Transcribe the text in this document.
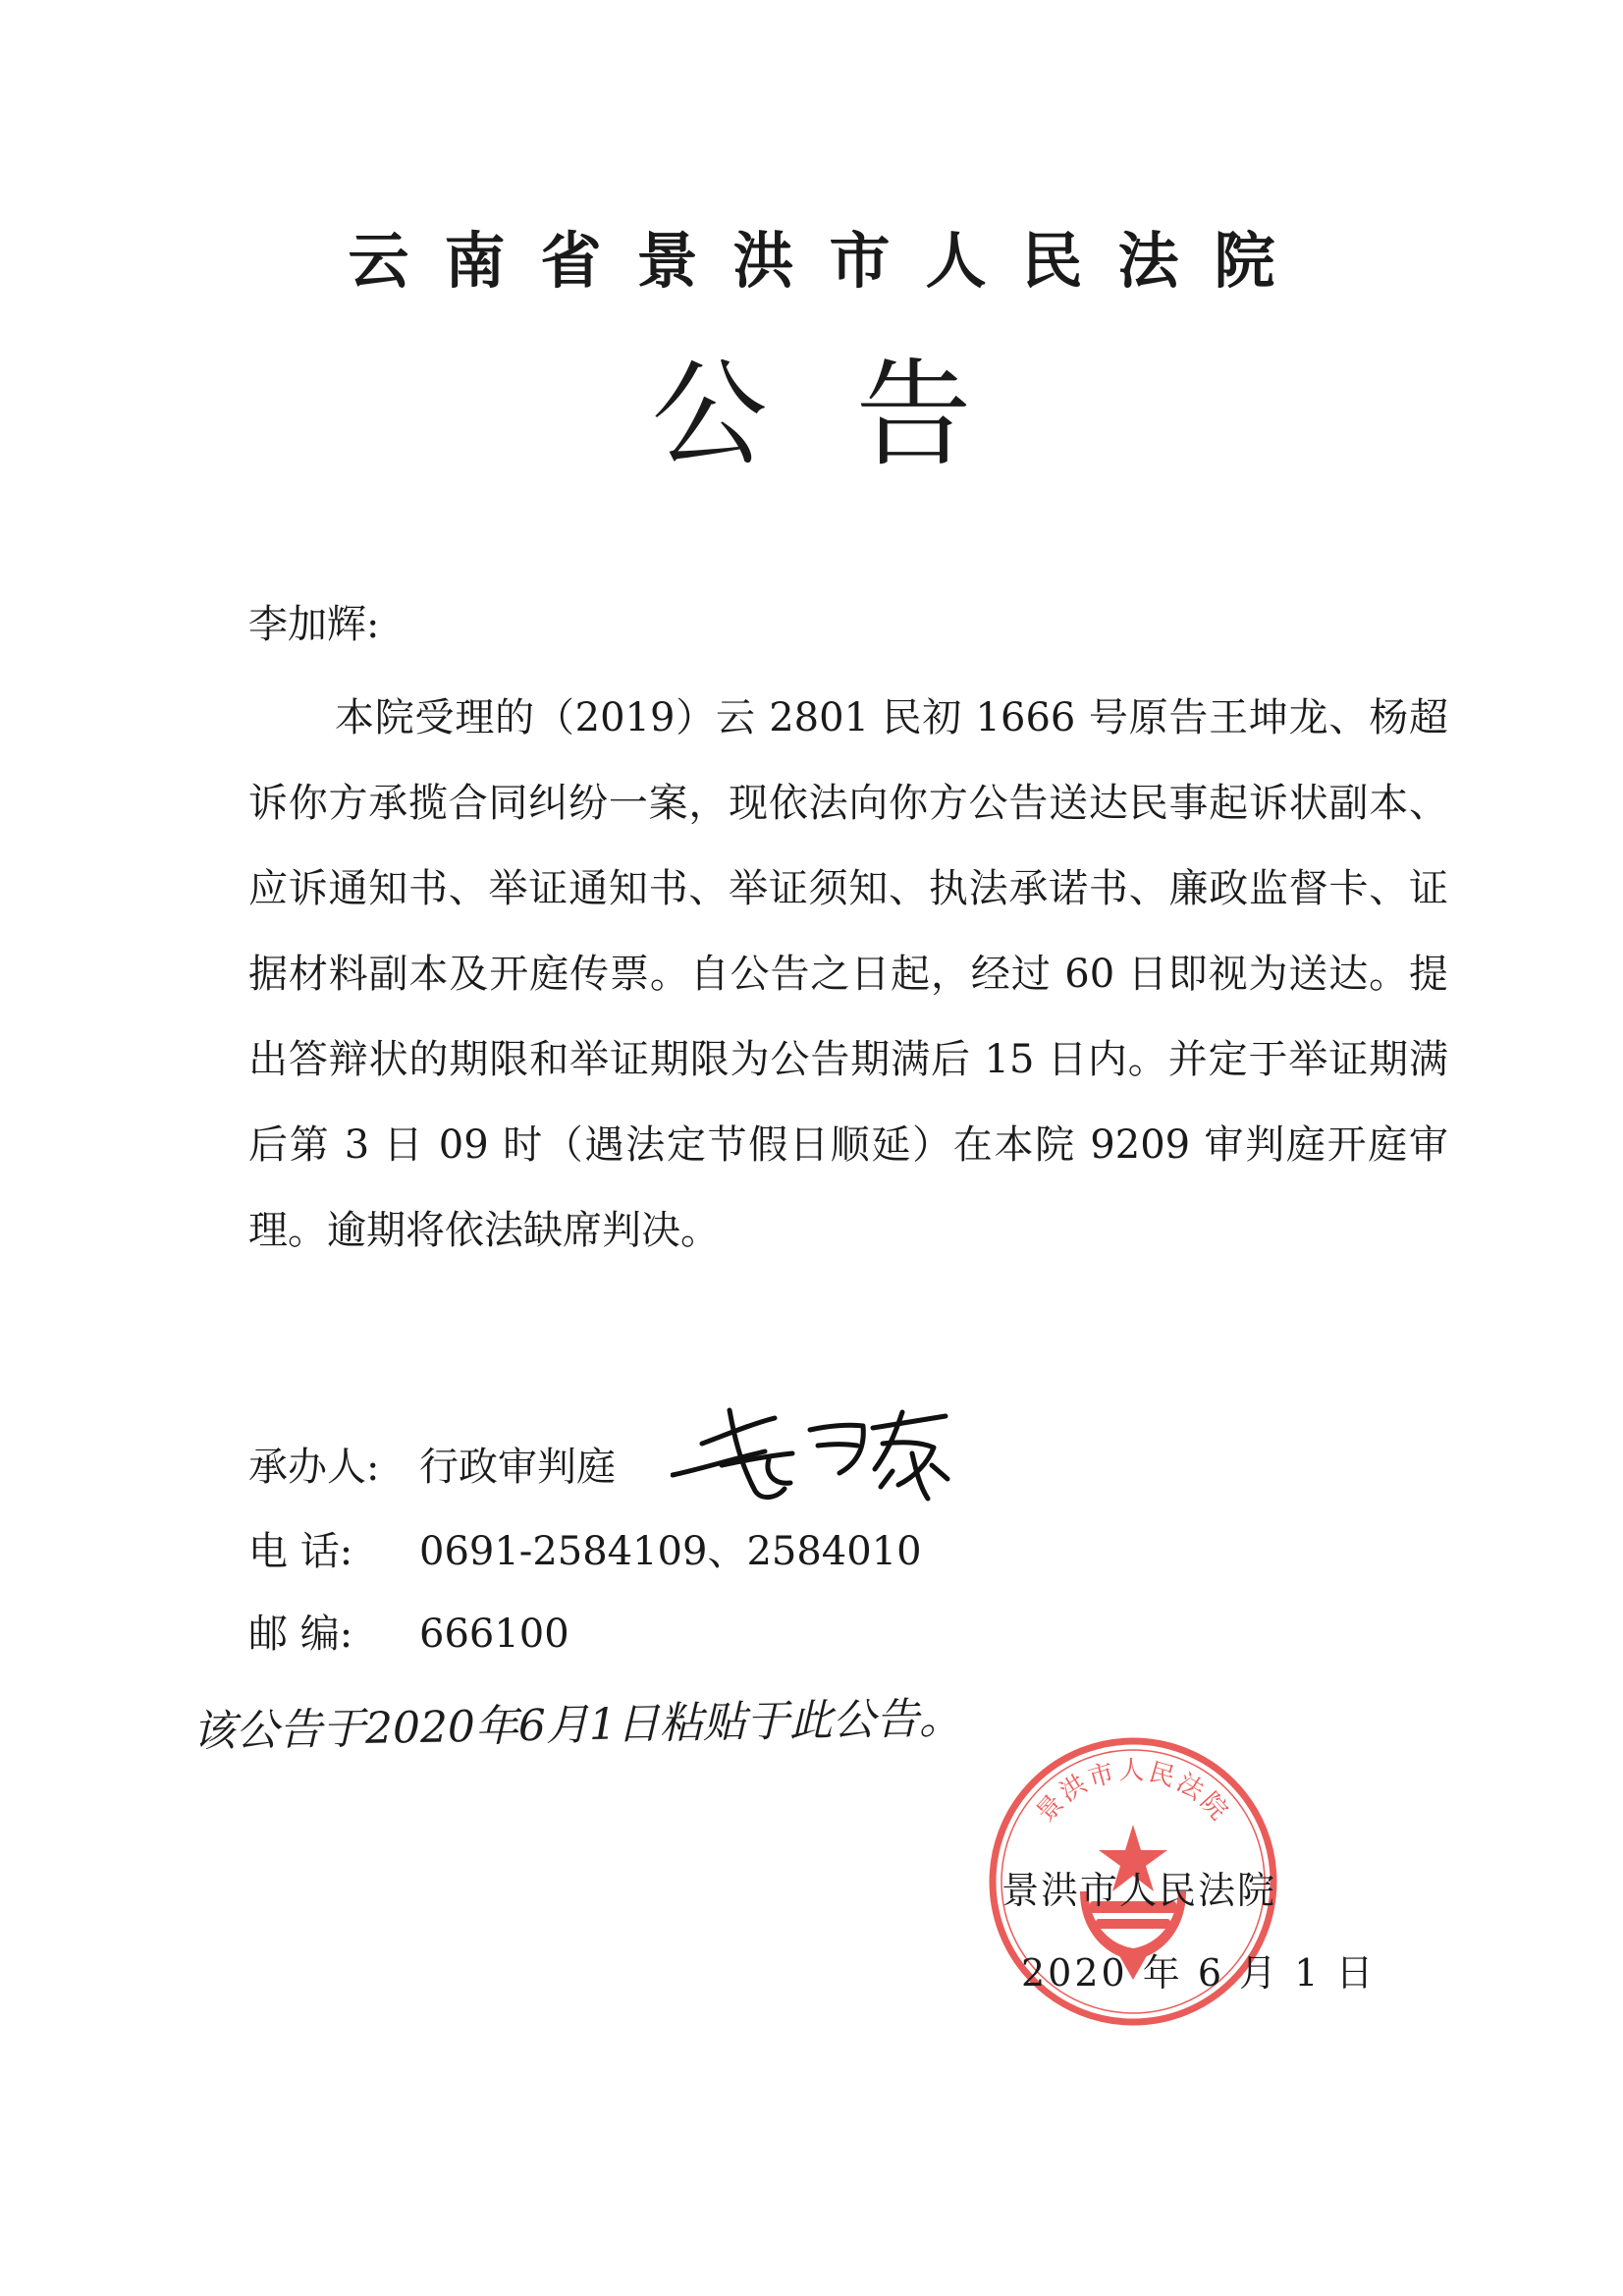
云南省景洪市人民法院
公告
李加辉:
本院受理的（2019）云 2801 民初 1666 号原告王坤龙、杨超诉你方承揽合同纠纷一案，现依法向你方公告送达民事起诉状副本、应诉通知书、举证通知书、举证须知、执法承诺书、廉政监督卡、证据材料副本及开庭传票。自公告之日起，经过 60 日即视为送达。提出答辩状的期限和举证期限为公告期满后 15 日内。并定于举证期满后第 3 日 09 时（遇法定节假日顺延）在本院 9209 审判庭开庭审理。逾期将依法缺席判决。
承办人: 行政审判庭
电 话: 0691-2584109、2584010
邮 编: 666100
该公告于2020年6月1日粘贴于此公告。
景洪市人民法院
景洪市人民法院
2020 年 6 月 1 日
